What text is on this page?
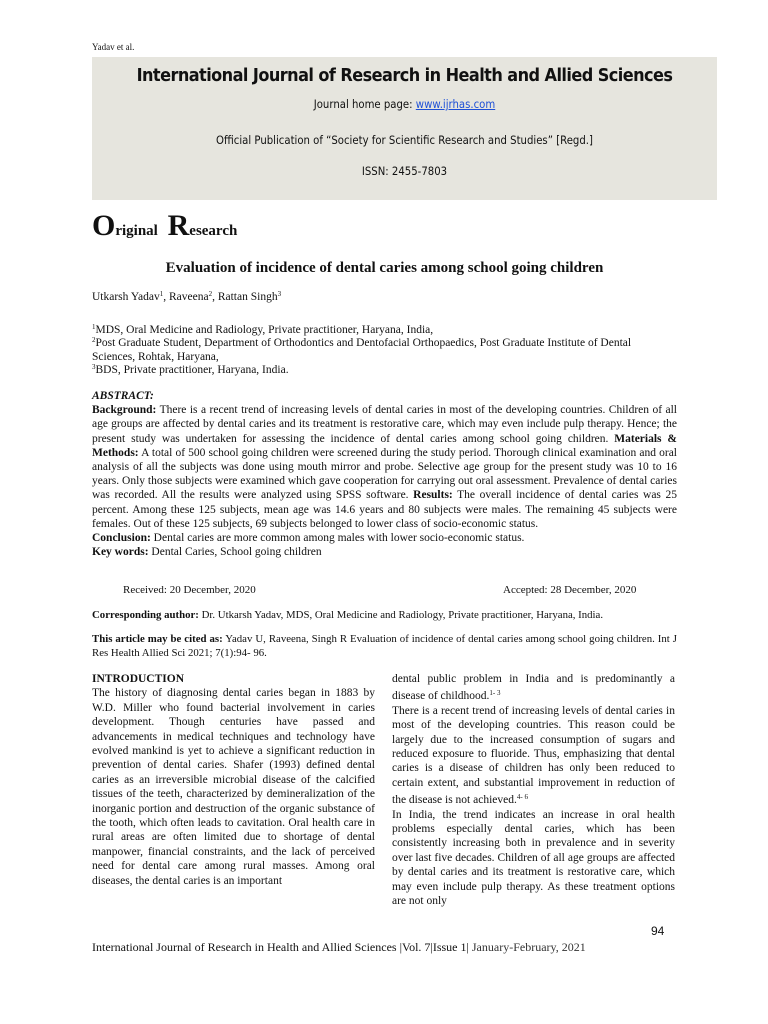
Yadav et al.
International Journal of Research in Health and Allied Sciences
Journal home page: www.ijrhas.com
Official Publication of “Society for Scientific Research and Studies” [Regd.]
ISSN: 2455-7803
Original Research
Evaluation of incidence of dental caries among school going children
Utkarsh Yadav$^1$, Raveena$^2$, Rattan Singh$^3$
$^1$MDS, Oral Medicine and Radiology, Private practitioner, Haryana, India,
$^2$Post Graduate Student, Department of Orthodontics and Dentofacial Orthopaedics, Post Graduate Institute of Dental Sciences, Rohtak, Haryana,
$^3$BDS, Private practitioner, Haryana, India.
ABSTRACT:
Background: There is a recent trend of increasing levels of dental caries in most of the developing countries. Children of all age groups are affected by dental caries and its treatment is restorative care, which may even include pulp therapy. Hence; the present study was undertaken for assessing the incidence of dental caries among school going children. Materials & Methods: A total of 500 school going children were screened during the study period. Thorough clinical examination and oral analysis of all the subjects was done using mouth mirror and probe. Selective age group for the present study was 10 to 16 years. Only those subjects were examined which gave cooperation for carrying out oral assessment. Prevalence of dental caries was recorded. All the results were analyzed using SPSS software. Results: The overall incidence of dental caries was 25 percent. Among these 125 subjects, mean age was 14.6 years and 80 subjects were males. The remaining 45 subjects were females. Out of these 125 subjects, 69 subjects belonged to lower class of socio-economic status.
Conclusion: Dental caries are more common among males with lower socio-economic status.
Key words: Dental Caries, School going children
Received: 20 December, 2020	Accepted: 28 December, 2020
Corresponding author: Dr. Utkarsh Yadav, MDS, Oral Medicine and Radiology, Private practitioner, Haryana, India.
This article may be cited as: Yadav U, Raveena, Singh R Evaluation of incidence of dental caries among school going children. Int J Res Health Allied Sci 2021; 7(1):94- 96.
INTRODUCTION
The history of diagnosing dental caries began in 1883 by W.D. Miller who found bacterial involvement in caries development. Though centuries have passed and advancements in medical techniques and technology have evolved mankind is yet to achieve a significant reduction in prevention of dental caries. Shafer (1993) defined dental caries as an irreversible microbial disease of the calcified tissues of the teeth, characterized by demineralization of the inorganic portion and destruction of the organic substance of the tooth, which often leads to cavitation. Oral health care in rural areas are often limited due to shortage of dental manpower, financial constraints, and the lack of perceived need for dental care among rural masses. Among oral diseases, the dental caries is an important
dental public problem in India and is predominantly a disease of childhood.$^{1- 3}$
There is a recent trend of increasing levels of dental caries in most of the developing countries. This reason could be largely due to the increased consumption of sugars and reduced exposure to fluoride. Thus, emphasizing that dental caries is a disease of children has only been reduced to certain extent, and substantial improvement in reduction of the disease is not achieved.$^{4- 6}$
In India, the trend indicates an increase in oral health problems especially dental caries, which has been consistently increasing both in prevalence and in severity over last five decades. Children of all age groups are affected by dental caries and its treatment is restorative care, which may even include pulp therapy. As these treatment options are not only
94
International Journal of Research in Health and Allied Sciences |Vol. 7|Issue 1| January-February, 2021
